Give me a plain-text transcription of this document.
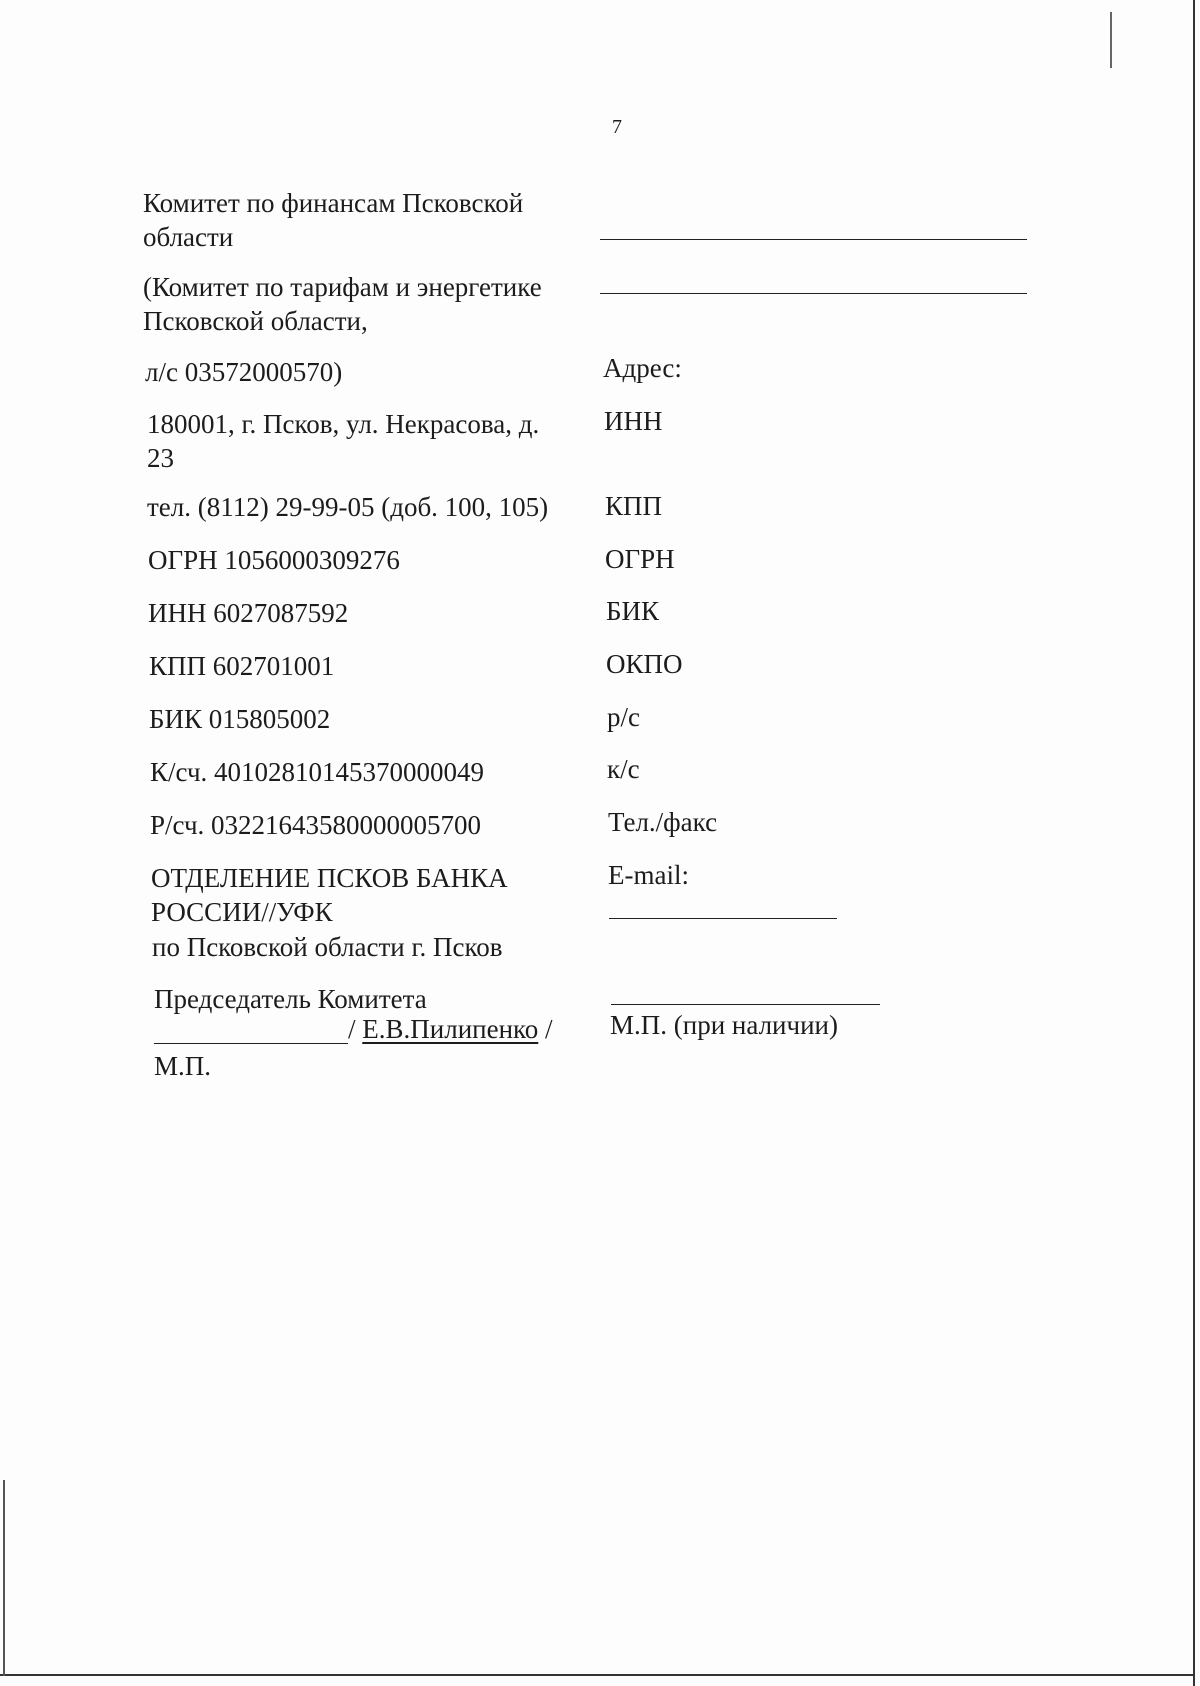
7
Комитет по финансам Псковской
области
(Комитет по тарифам и энергетике
Псковской области,
л/с 03572000570)
180001, г. Псков, ул. Некрасова, д.
23
тел. (8112) 29-99-05 (доб. 100, 105)
ОГРН 1056000309276
ИНН 6027087592
КПП 602701001
БИК 015805002
К/сч. 40102810145370000049
Р/сч. 03221643580000005700
ОТДЕЛЕНИЕ ПСКОВ БАНКА
РОССИИ//УФК
по Псковской области г. Псков
Председатель Комитета
/ Е.В.Пилипенко /
М.П.
Адрес:
ИНН
КПП
ОГРН
БИК
ОКПО
р/с
к/с
Тел./факс
E-mail:
М.П. (при наличии)
